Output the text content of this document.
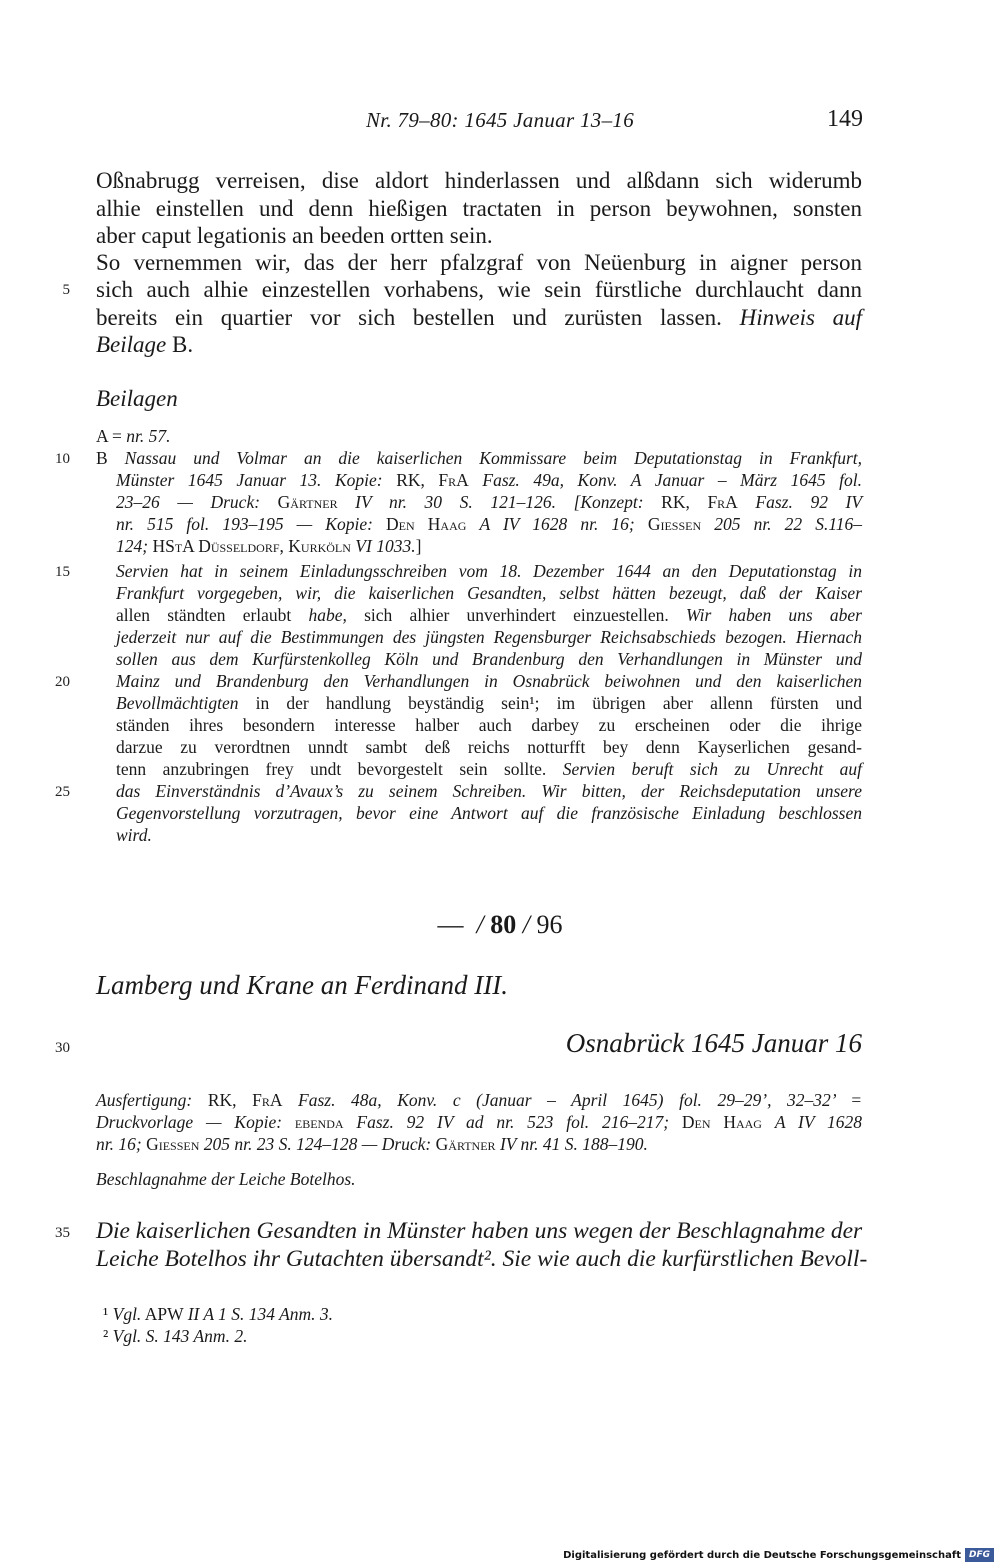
Nr. 79–80: 1645 Januar 13–16	149
Oßnabrugg verreisen, dise aldort hinderlassen und alßdann sich widerumb
alhie einstellen und denn hießigen tractaten in person beywohnen, sonsten
aber caput legationis an beeden ortten sein.
So vernemmen wir, das der herr pfalzgraf von Neüenburg in aigner person
sich auch alhie einzestellen vorhabens, wie sein fürstliche durchlaucht dann
bereits ein quartier vor sich bestellen und zurüsten lassen. Hinweis auf
Beilage B.
Beilagen
A = nr. 57.
B Nassau und Volmar an die kaiserlichen Kommissare beim Deputationstag in Frankfurt,
Münster 1645 Januar 13. Kopie: RK, FrA Fasz. 49a, Konv. A Januar – März 1645 fol.
23–26 — Druck: Gärtner IV nr. 30 S. 121–126. [Konzept: RK, FrA Fasz. 92 IV
nr. 515 fol. 193–195 — Kopie: Den Haag A IV 1628 nr. 16; Giessen 205 nr. 22 S.116–
124; HStA Düsseldorf, Kurköln VI 1033.]
Servien hat in seinem Einladungsschreiben vom 18. Dezember 1644 an den Deputationstag in
Frankfurt vorgegeben, wir, die kaiserlichen Gesandten, selbst hätten bezeugt, daß der Kaiser
allen ständten erlaubt habe, sich alhier unverhindert einzuestellen. Wir haben uns aber
jederzeit nur auf die Bestimmungen des jüngsten Regensburger Reichsabschieds bezogen. Hiernach
sollen aus dem Kurfürstenkolleg Köln und Brandenburg den Verhandlungen in Münster und
Mainz und Brandenburg den Verhandlungen in Osnabrück beiwohnen und den kaiserlichen
Bevollmächtigten in der handlung beyständig sein¹; im übrigen aber allenn fürsten und
ständen ihres besondern interesse halber auch darbey zu erscheinen oder die ihrige
darzue zu verordtnen unndt sambt deß reichs notturfft bey denn Kayserlichen gesand-
tenn anzubringen frey undt bevorgestelt sein sollte. Servien beruft sich zu Unrecht auf
das Einverständnis d’Avaux’s zu seinem Schreiben. Wir bitten, der Reichsdeputation unsere
Gegenvorstellung vorzutragen, bevor eine Antwort auf die französische Einladung beschlossen
wird.
— / 80 / 96
Lamberg und Krane an Ferdinand III.
Osnabrück 1645 Januar 16
Ausfertigung: RK, FrA Fasz. 48a, Konv. c (Januar – April 1645) fol. 29–29’, 32–32’ =
Druckvorlage — Kopie: ebenda Fasz. 92 IV ad nr. 523 fol. 216–217; Den Haag A IV 1628
nr. 16; Giessen 205 nr. 23 S. 124–128 — Druck: Gärtner IV nr. 41 S. 188–190.
Beschlagnahme der Leiche Botelhos.
Die kaiserlichen Gesandten in Münster haben uns wegen der Beschlagnahme der
Leiche Botelhos ihr Gutachten übersandt². Sie wie auch die kurfürstlichen Bevoll-
¹ Vgl. APW II A 1 S. 134 Anm. 3.
² Vgl. S. 143 Anm. 2.
5
10
15
20
25
30
35
Digitalisierung gefördert durch die Deutsche Forschungsgemeinschaft DFG
